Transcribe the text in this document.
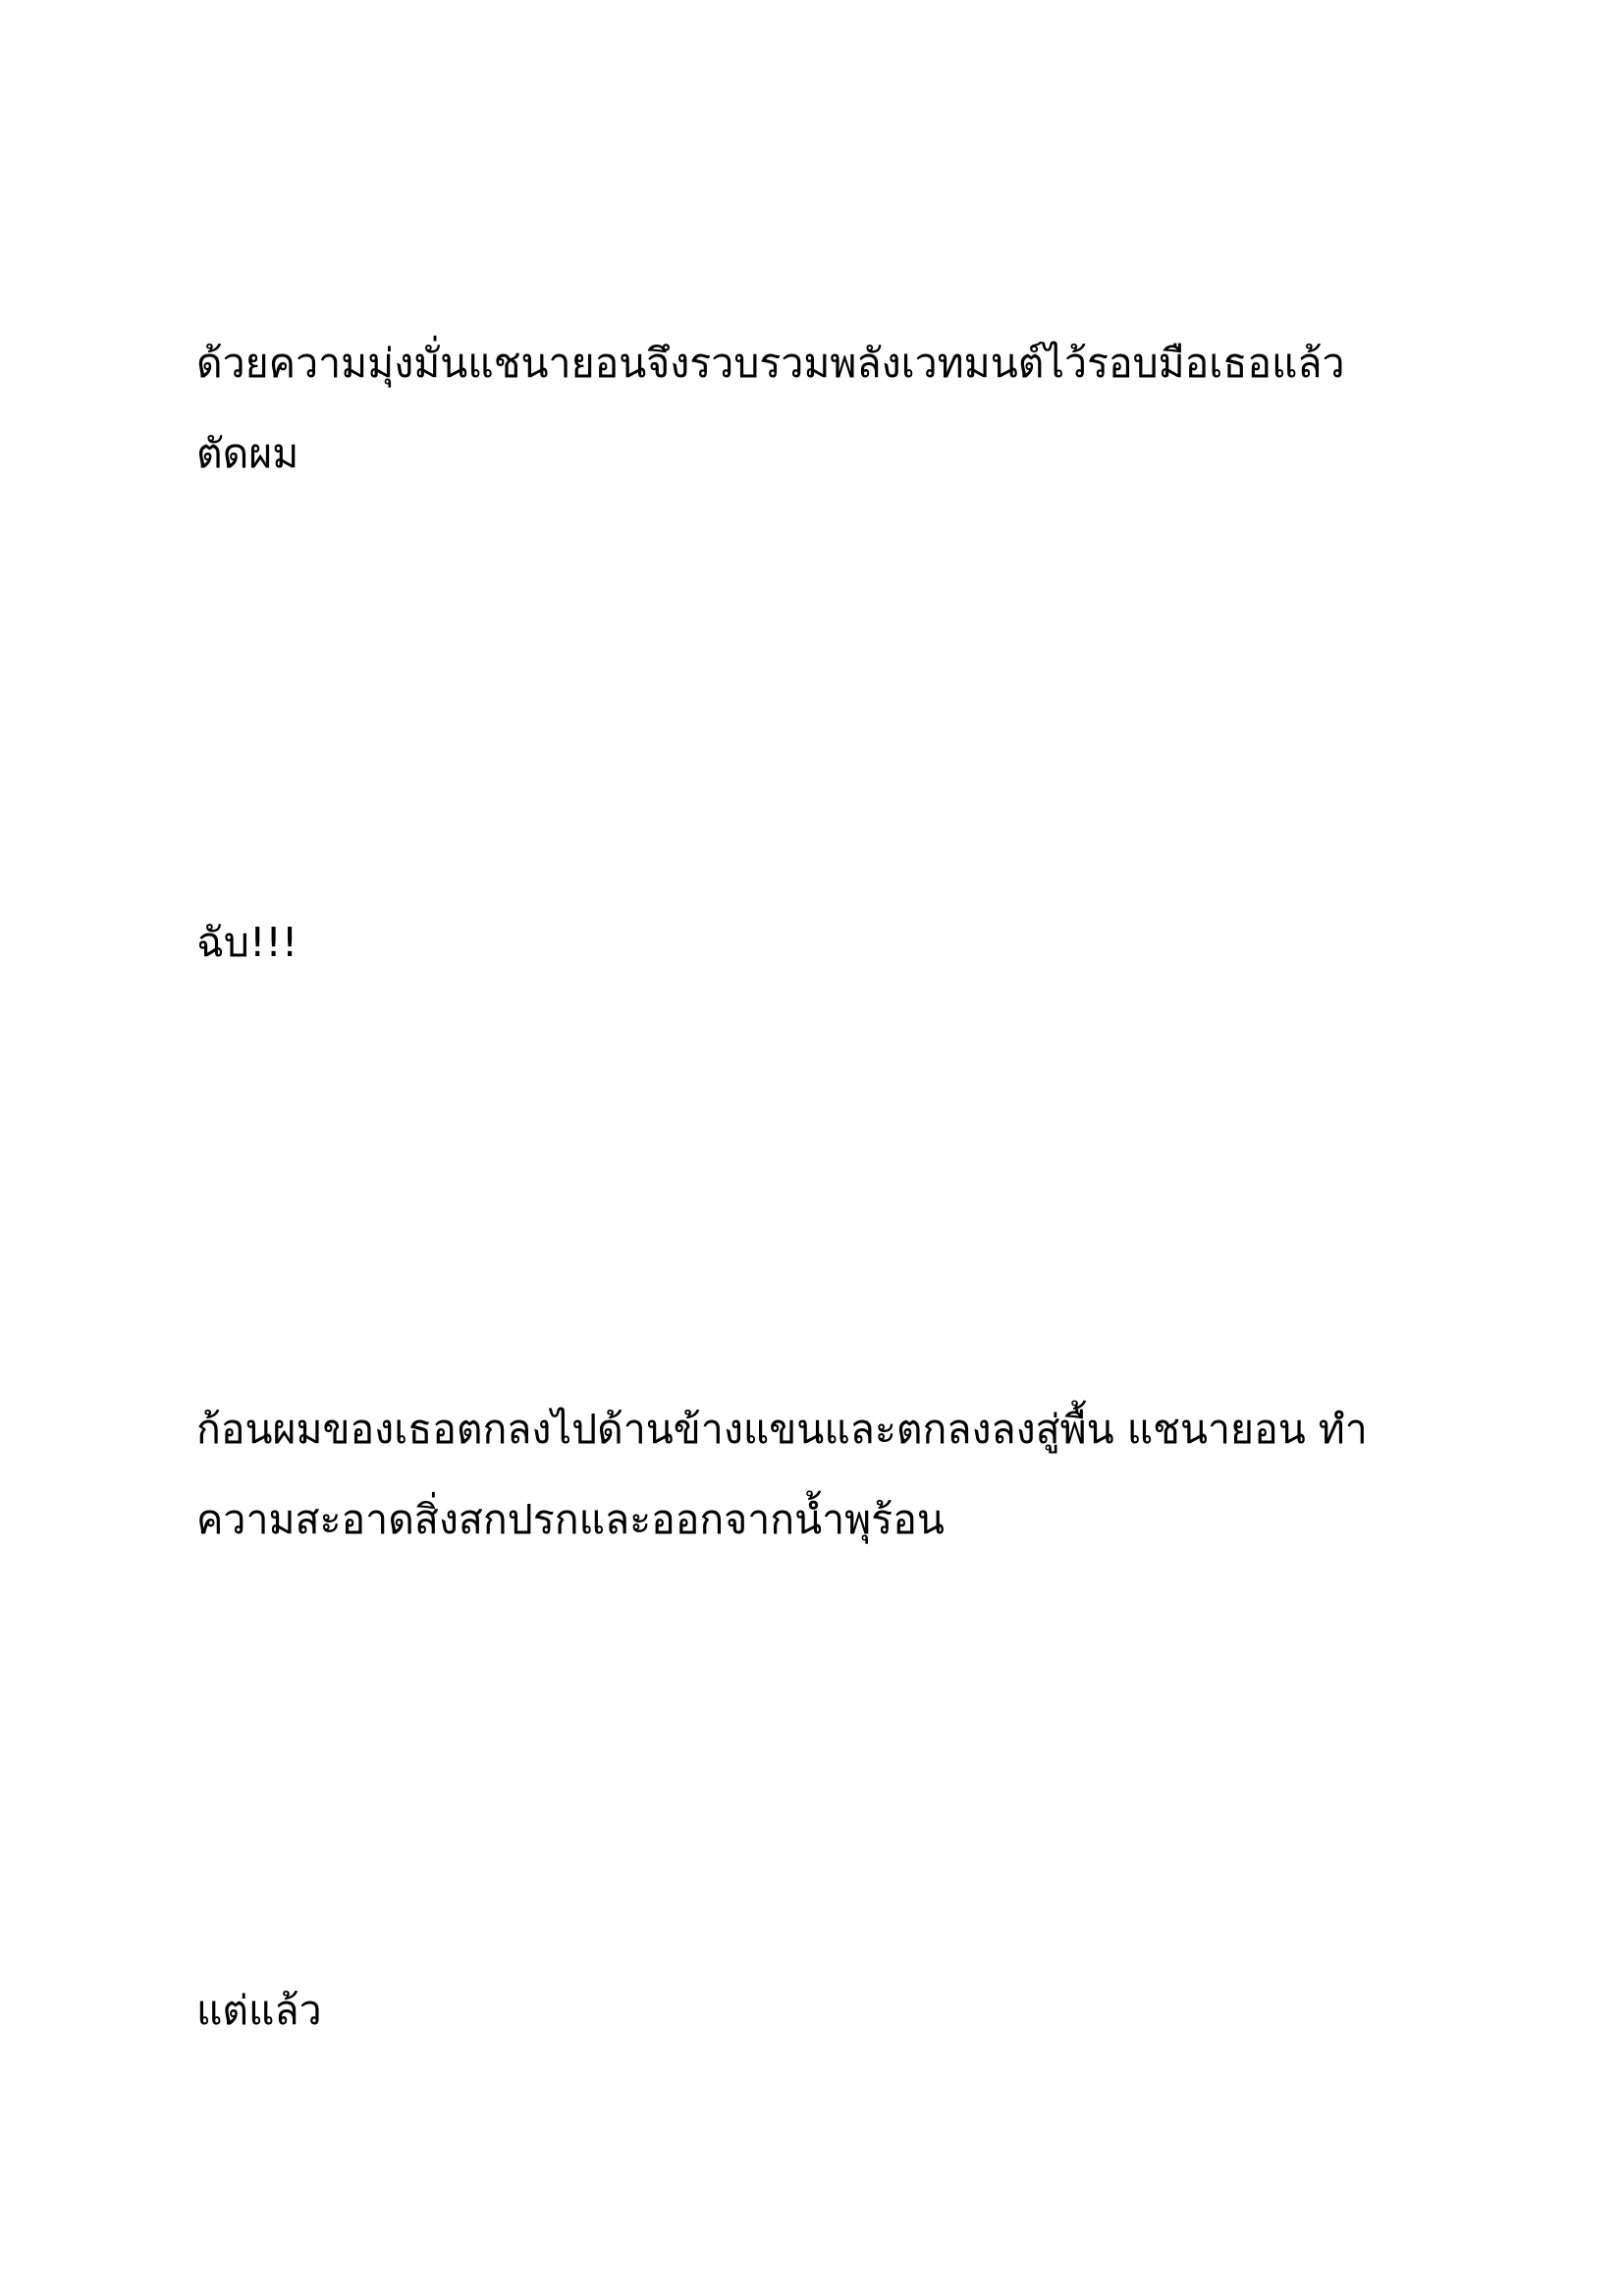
ด้วยความมุ่งมั่นแชนายอนจึงรวบรวมพลังเวทมนต์ไว้รอบมือเธอแล้ว
ตัดผม

ฉับ!!!

ก้อนผมของเธอตกลงไปด้านข้างแขนและตกลงลงสู่พื้น แชนายอน ทำ
ความสะอาดสิ่งสกปรกและออกจากน้ำพุร้อน

แต่แล้ว
